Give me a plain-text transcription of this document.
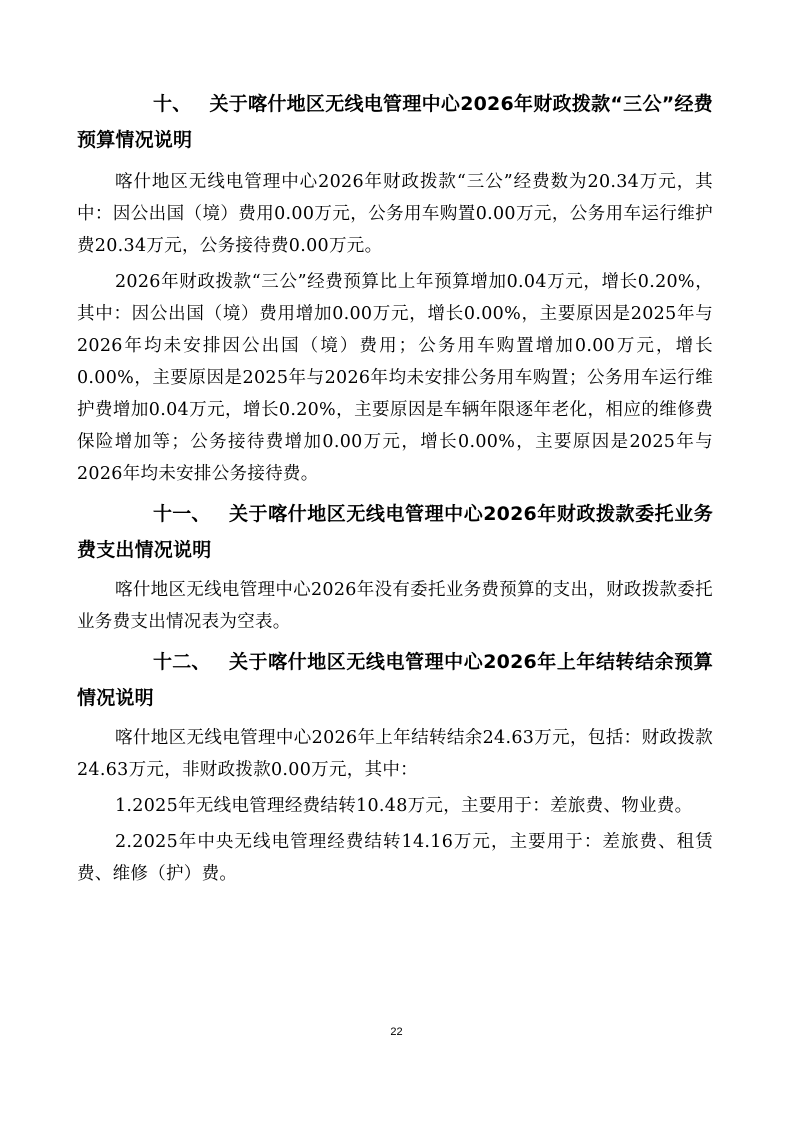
十、 关于喀什地区无线电管理中心2026年财政拨款“三公”经费预算情况说明

喀什地区无线电管理中心2026年财政拨款“三公”经费数为20.34万元，其中：因公出国（境）费用0.00万元，公务用车购置0.00万元，公务用车运行维护费20.34万元，公务接待费0.00万元。

2026年财政拨款“三公”经费预算比上年预算增加0.04万元，增长0.20%，其中：因公出国（境）费用增加0.00万元，增长0.00%，主要原因是2025年与2026年均未安排因公出国（境）费用；公务用车购置增加0.00万元，增长0.00%，主要原因是2025年与2026年均未安排公务用车购置；公务用车运行维护费增加0.04万元，增长0.20%，主要原因是车辆年限逐年老化，相应的维修费保险增加等；公务接待费增加0.00万元，增长0.00%，主要原因是2025年与2026年均未安排公务接待费。

十一、 关于喀什地区无线电管理中心2026年财政拨款委托业务费支出情况说明

喀什地区无线电管理中心2026年没有委托业务费预算的支出，财政拨款委托业务费支出情况表为空表。

十二、 关于喀什地区无线电管理中心2026年上年结转结余预算情况说明

喀什地区无线电管理中心2026年上年结转结余24.63万元，包括：财政拨款24.63万元，非财政拨款0.00万元，其中：

1.2025年无线电管理经费结转10.48万元，主要用于：差旅费、物业费。

2.2025年中央无线电管理经费结转14.16万元，主要用于：差旅费、租赁费、维修（护）费。

22
